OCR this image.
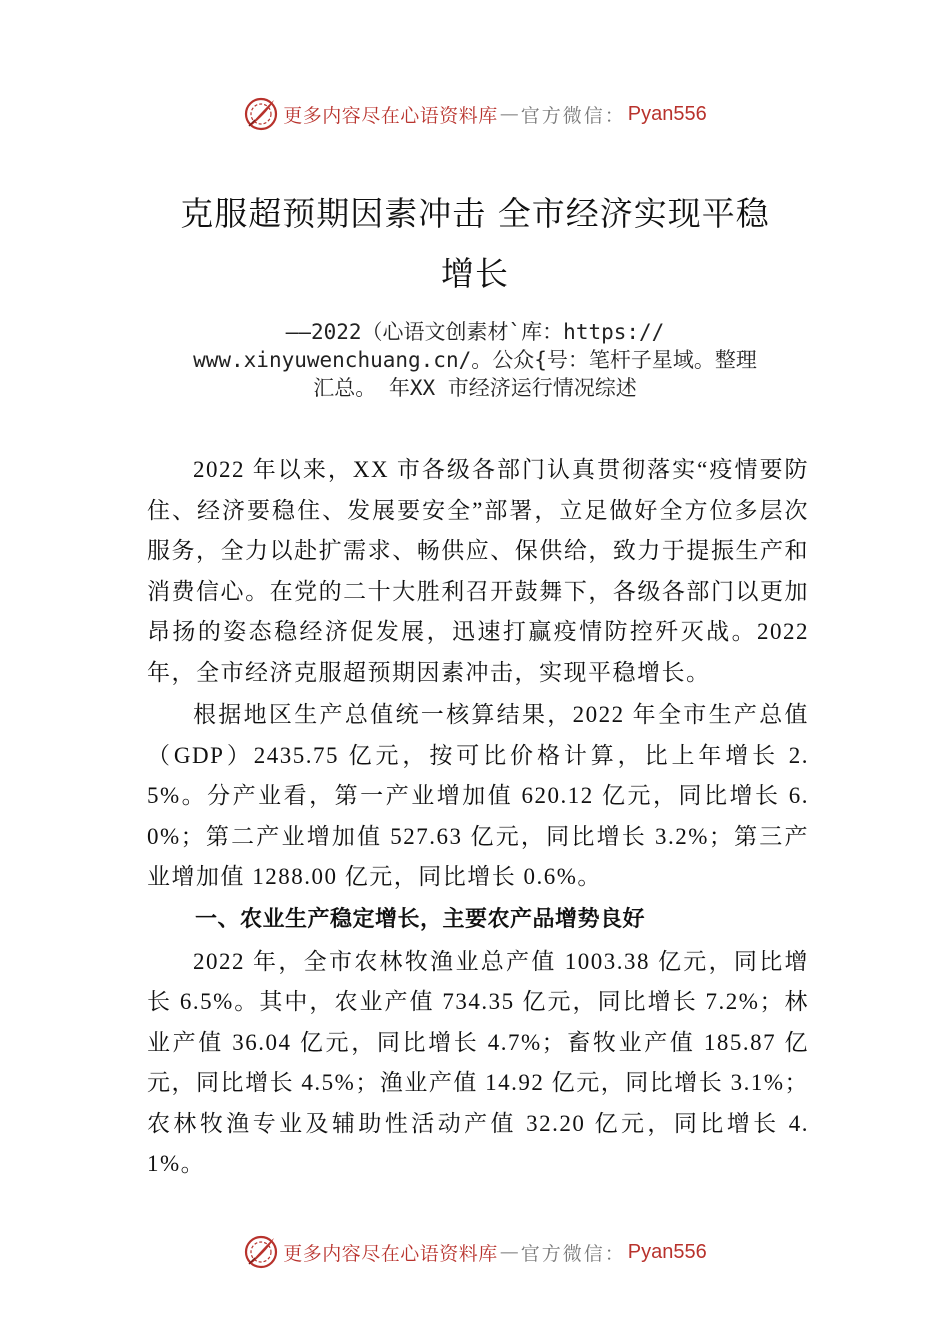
更多内容尽在心语资料库 — 官方微信： Pyan556
克服超预期因素冲击 全市经济实现平稳
增长
——2022（心语文创素材`库：https://
www.xinyuwenchuang.cn/。公众{号：笔杆子星域。整理
汇总。 年XX 市经济运行情况综述

2022 年以来，XX 市各级各部门认真贯彻落实“疫情要防住、经济要稳住、发展要安全”部署，立足做好全方位多层次服务，全力以赴扩需求、畅供应、保供给，致力于提振生产和消费信心。在党的二十大胜利召开鼓舞下，各级各部门以更加昂扬的姿态稳经济促发展，迅速打赢疫情防控歼灭战。2022 年，全市经济克服超预期因素冲击，实现平稳增长。

根据地区生产总值统一核算结果，2022 年全市生产总值（GDP）2435.75 亿元，按可比价格计算，比上年增长 2.5%。分产业看，第一产业增加值 620.12 亿元，同比增长 6.0%；第二产业增加值 527.63 亿元，同比增长 3.2%；第三产业增加值 1288.00 亿元，同比增长 0.6%。

一、农业生产稳定增长，主要农产品增势良好

2022 年，全市农林牧渔业总产值 1003.38 亿元，同比增长 6.5%。其中，农业产值 734.35 亿元，同比增长 7.2%；林业产值 36.04 亿元，同比增长 4.7%；畜牧业产值 185.87 亿元，同比增长 4.5%；渔业产值 14.92 亿元，同比增长 3.1%； 农林牧渔专业及辅助性活动产值 32.20 亿元，同比增长 4.1%。

更多内容尽在心语资料库 — 官方微信： Pyan556
